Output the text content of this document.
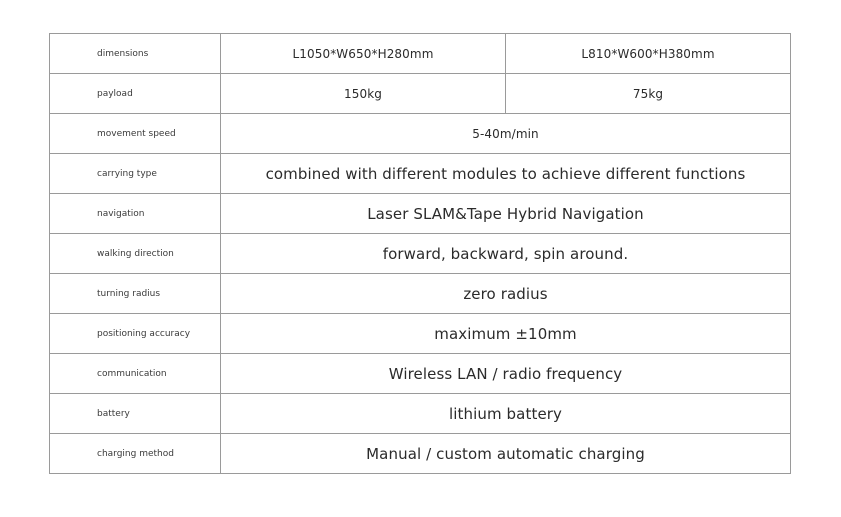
dimensions	L1050*W650*H280mm	L810*W600*H380mm
payload	150kg	75kg
movement speed	5-40m/min	
carrying type	combined with different modules to achieve different functions	
navigation	Laser SLAM&Tape Hybrid Navigation	
walking direction	forward, backward, spin around.	
turning radius	zero radius	
positioning accuracy	maximum ±10mm	
communication	Wireless LAN / radio frequency	
battery	lithium battery	
charging method	Manual / custom automatic charging	
